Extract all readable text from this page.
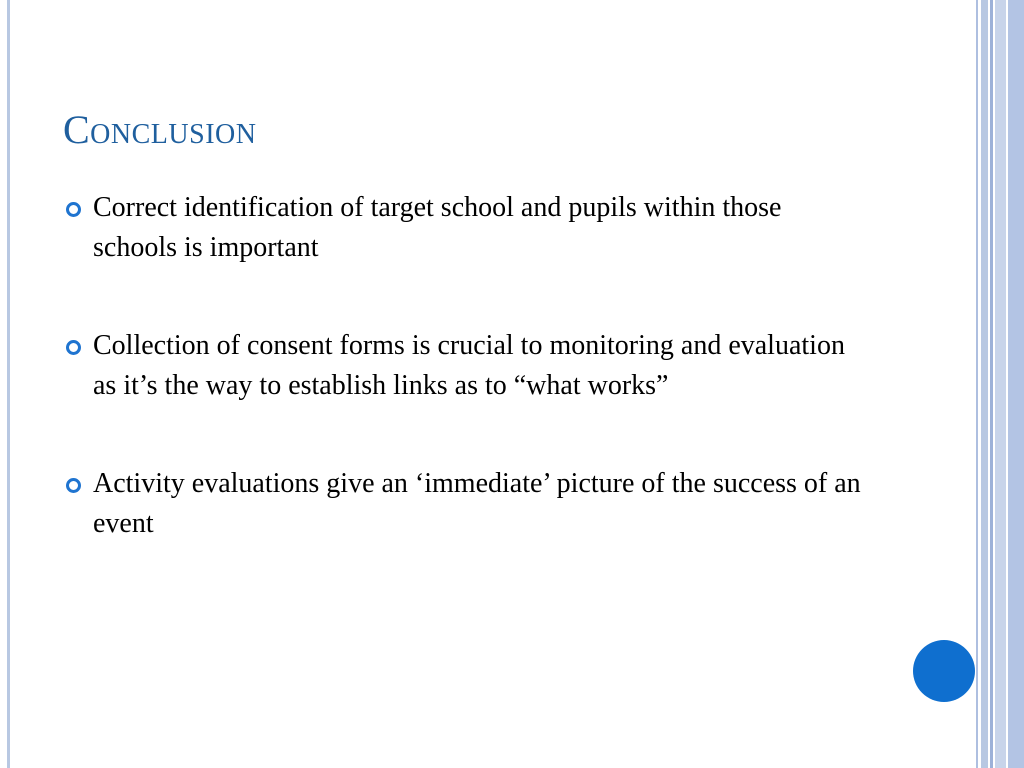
Conclusion
Correct identification of target school and pupils within those schools is important
Collection of consent forms is crucial to monitoring and evaluation as it’s the way to establish links as to “what works”
Activity evaluations give an ‘immediate’ picture of the success of an event
